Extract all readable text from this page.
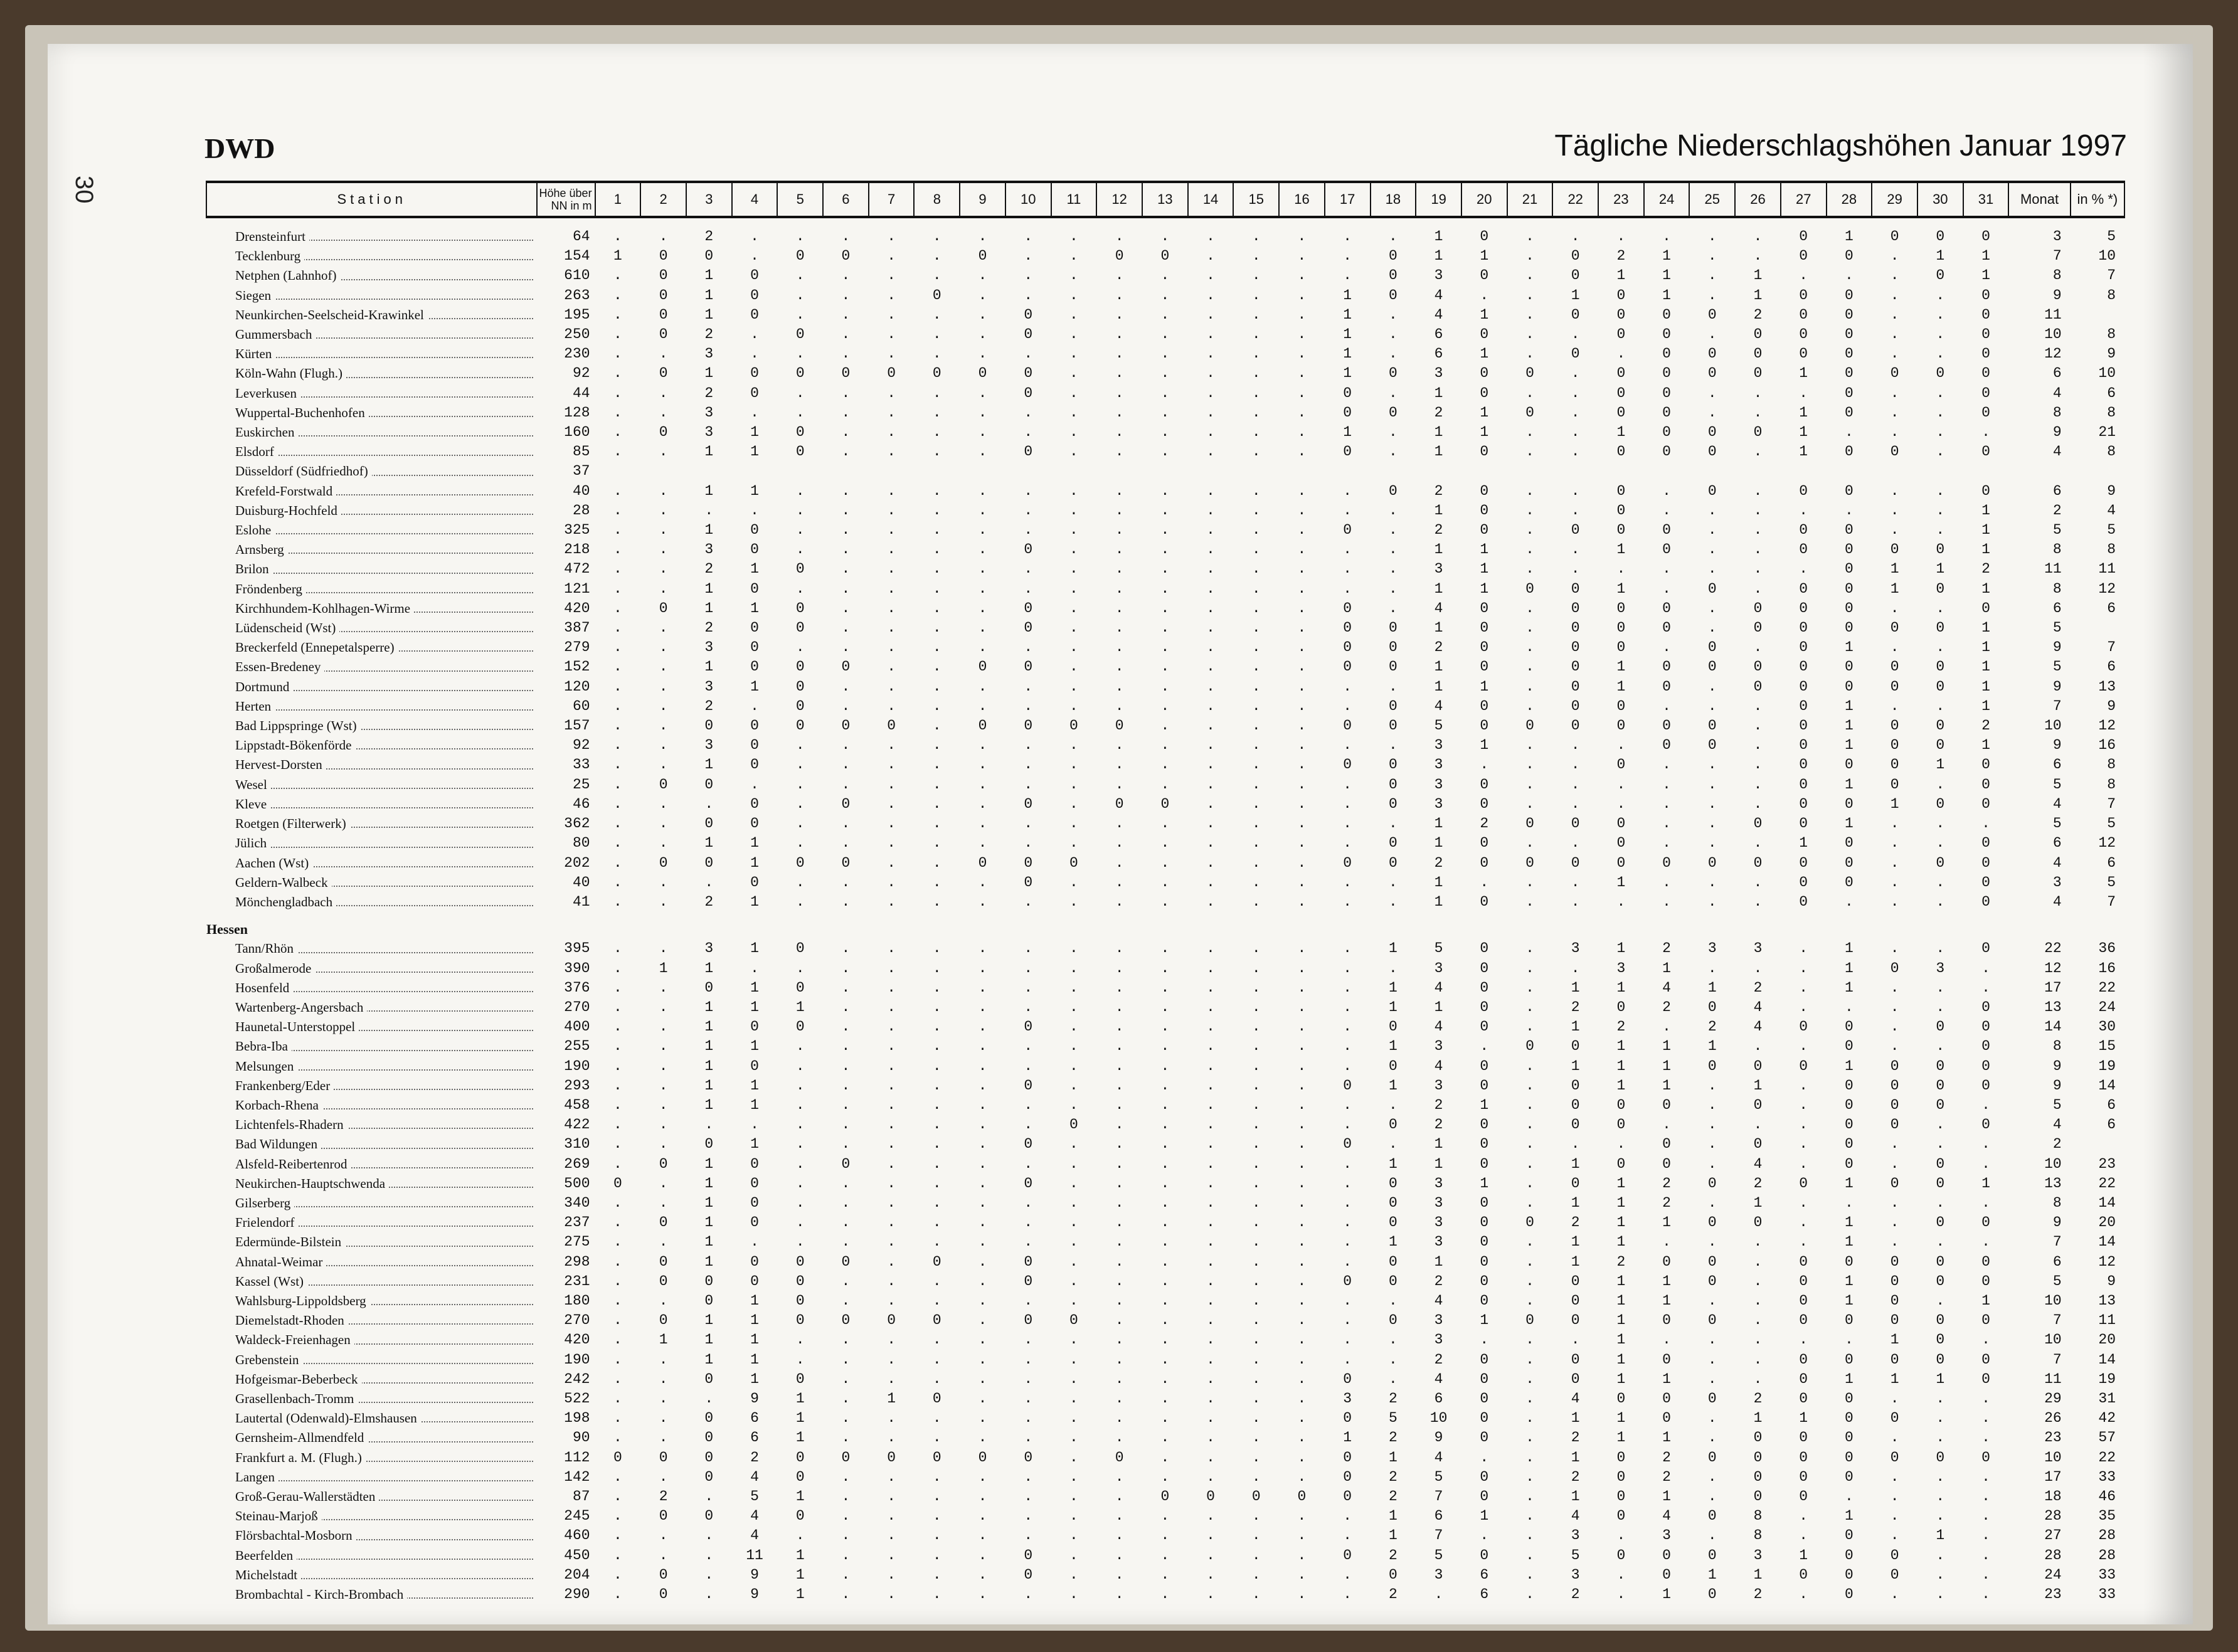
30
DWD	Tägliche Niederschlagshöhen Januar 1997
Station	Höhe über NN in m	1	2	3	4	5	6	7	8	9	10	11	12	13	14	15	16	17	18	19	20	21	22	23	24	25	26	27	28	29	30	31	Monat	in % *)
Drensteinfurt	64	.	.	2	.	.	.	.	.	.	.	.	.	.	.	.	.	.	.	1	0	.	.	.	.	.	.	0	1	0	0	0	3	5
Tecklenburg	154	1	0	0	.	0	0	.	.	0	.	.	0	0	.	.	.	.	0	1	1	.	0	2	1	.	.	0	0	.	1	1	7	10
Netphen (Lahnhof)	610	.	0	1	0	.	.	.	.	.	.	.	.	.	.	.	.	.	0	3	0	.	0	1	1	.	1	.	.	.	0	1	8	7
Siegen	263	.	0	1	0	.	.	.	0	.	.	.	.	.	.	.	.	1	0	4	.	.	1	0	1	.	1	0	0	.	.	0	9	8
Neunkirchen-Seelscheid-Krawinkel	195	.	0	1	0	.	.	.	.	.	0	.	.	.	.	.	.	1	.	4	1	.	0	0	0	0	2	0	0	.	.	0	11	
Gummersbach	250	.	0	2	.	0	.	.	.	.	0	.	.	.	.	.	.	1	.	6	0	.	.	0	0	.	0	0	0	.	.	0	10	8
Kürten	230	.	.	3	.	.	.	.	.	.	.	.	.	.	.	.	.	1	.	6	1	.	0	.	0	0	0	0	0	.	.	0	12	9
Köln-Wahn (Flugh.)	92	.	0	1	0	0	0	0	0	0	0	.	.	.	.	.	.	1	0	3	0	0	.	0	0	0	0	1	0	0	0	0	6	10
Leverkusen	44	.	.	2	0	.	.	.	.	.	0	.	.	.	.	.	.	0	.	1	0	.	.	0	0	.	.	.	0	.	.	0	4	6
Wuppertal-Buchenhofen	128	.	.	3	.	.	.	.	.	.	.	.	.	.	.	.	.	0	0	2	1	0	.	0	0	.	.	1	0	.	.	0	8	8
Euskirchen	160	.	0	3	1	0	.	.	.	.	.	.	.	.	.	.	.	1	.	1	1	.	.	1	0	0	0	1	.	.	.	.	9	21
Elsdorf	85	.	.	1	1	0	.	.	.	.	0	.	.	.	.	.	.	0	.	1	0	.	.	0	0	0	.	1	0	0	.	0	4	8
Düsseldorf (Südfriedhof)	37																																	
Krefeld-Forstwald	40	.	.	1	1	.	.	.	.	.	.	.	.	.	.	.	.	.	0	2	0	.	.	0	.	0	.	0	0	.	.	0	6	9
Duisburg-Hochfeld	28	.	.	.	.	.	.	.	.	.	.	.	.	.	.	.	.	.	.	1	0	.	.	0	.	.	.	.	.	.	.	1	2	4
Eslohe	325	.	.	1	0	.	.	.	.	.	.	.	.	.	.	.	.	0	.	2	0	.	0	0	0	.	.	0	0	.	.	1	5	5
Arnsberg	218	.	.	3	0	.	.	.	.	.	0	.	.	.	.	.	.	.	.	1	1	.	.	1	0	.	.	0	0	0	0	1	8	8
Brilon	472	.	.	2	1	0	.	.	.	.	.	.	.	.	.	.	.	.	.	3	1	.	.	.	.	.	.	.	0	1	1	2	11	11
Fröndenberg	121	.	.	1	0	.	.	.	.	.	.	.	.	.	.	.	.	.	.	1	1	0	0	1	.	0	.	0	0	1	0	1	8	12
Kirchhundem-Kohlhagen-Wirme	420	.	0	1	1	0	.	.	.	.	0	.	.	.	.	.	.	0	.	4	0	.	0	0	0	.	0	0	0	.	.	0	6	6
Lüdenscheid (Wst)	387	.	.	2	0	0	.	.	.	.	0	.	.	.	.	.	.	0	0	1	0	.	0	0	0	.	0	0	0	0	0	1	5	
Breckerfeld (Ennepetalsperre)	279	.	.	3	0	.	.	.	.	.	.	.	.	.	.	.	.	0	0	2	0	.	0	0	.	0	.	0	1	.	.	1	9	7
Essen-Bredeney	152	.	.	1	0	0	0	.	.	0	0	.	.	.	.	.	.	0	0	1	0	.	0	1	0	0	0	0	0	0	0	1	5	6
Dortmund	120	.	.	3	1	0	.	.	.	.	.	.	.	.	.	.	.	.	.	1	1	.	0	1	0	.	0	0	0	0	0	1	9	13
Herten	60	.	.	2	.	0	.	.	.	.	.	.	.	.	.	.	.	.	0	4	0	.	0	0	.	.	.	0	1	.	.	1	7	9
Bad Lippspringe (Wst)	157	.	.	0	0	0	0	0	.	0	0	0	0	.	.	.	.	0	0	5	0	0	0	0	0	0	.	0	1	0	0	2	10	12
Lippstadt-Bökenförde	92	.	.	3	0	.	.	.	.	.	.	.	.	.	.	.	.	.	.	3	1	.	.	.	0	0	.	0	1	0	0	1	9	16
Hervest-Dorsten	33	.	.	1	0	.	.	.	.	.	.	.	.	.	.	.	.	0	0	3	.	.	.	0	.	.	.	0	0	0	1	0	6	8
Wesel	25	.	0	0	.	.	.	.	.	.	.	.	.	.	.	.	.	.	0	3	0	.	.	.	.	.	.	0	1	0	.	0	5	8
Kleve	46	.	.	.	0	.	0	.	.	.	0	.	0	0	.	.	.	.	0	3	0	.	.	.	.	.	.	0	0	1	0	0	4	7
Roetgen (Filterwerk)	362	.	.	0	0	.	.	.	.	.	.	.	.	.	.	.	.	.	.	1	2	0	0	0	.	.	0	0	1	.	.	.	5	5
Jülich	80	.	.	1	1	.	.	.	.	.	.	.	.	.	.	.	.	.	0	1	0	.	.	0	.	.	.	1	0	.	.	0	6	12
Aachen (Wst)	202	.	0	0	1	0	0	.	.	0	0	0	.	.	.	.	.	0	0	2	0	0	0	0	0	0	0	0	0	.	0	0	4	6
Geldern-Walbeck	40	.	.	.	0	.	.	.	.	.	0	.	.	.	.	.	.	.	.	1	.	.	.	1	.	.	.	0	0	.	.	0	3	5
Mönchengladbach	41	.	.	2	1	.	.	.	.	.	.	.	.	.	.	.	.	.	.	1	0	.	.	.	.	.	.	0	.	.	.	0	4	7
Hessen																																		
Tann/Rhön	395	.	.	3	1	0	.	.	.	.	.	.	.	.	.	.	.	.	1	5	0	.	3	1	2	3	3	.	1	.	.	0	22	36
Großalmerode	390	.	1	1	.	.	.	.	.	.	.	.	.	.	.	.	.	.	.	3	0	.	.	3	1	.	.	.	1	0	3	.	12	16
Hosenfeld	376	.	.	0	1	0	.	.	.	.	.	.	.	.	.	.	.	.	1	4	0	.	1	1	4	1	2	.	1	.	.	.	17	22
Wartenberg-Angersbach	270	.	.	1	1	1	.	.	.	.	.	.	.	.	.	.	.	.	1	1	0	.	2	0	2	0	4	.	.	.	.	0	13	24
Haunetal-Unterstoppel	400	.	.	1	0	0	.	.	.	.	0	.	.	.	.	.	.	.	0	4	0	.	1	2	.	2	4	0	0	.	0	0	14	30
Bebra-Iba	255	.	.	1	1	.	.	.	.	.	.	.	.	.	.	.	.	.	1	3	.	0	0	1	1	1	.	.	0	.	.	0	8	15
Melsungen	190	.	.	1	0	.	.	.	.	.	.	.	.	.	.	.	.	.	0	4	0	.	1	1	1	0	0	0	1	0	0	0	9	19
Frankenberg/Eder	293	.	.	1	1	.	.	.	.	.	0	.	.	.	.	.	.	0	1	3	0	.	0	1	1	.	1	.	0	0	0	0	9	14
Korbach-Rhena	458	.	.	1	1	.	.	.	.	.	.	.	.	.	.	.	.	.	.	2	1	.	0	0	0	.	0	.	0	0	0	.	5	6
Lichtenfels-Rhadern	422	.	.	.	.	.	.	.	.	.	.	0	.	.	.	.	.	.	0	2	0	.	0	0	.	.	.	.	0	0	.	0	4	6
Bad Wildungen	310	.	.	0	1	.	.	.	.	.	0	.	.	.	.	.	.	0	.	1	0	.	.	.	0	.	0	.	0	.	.	.	2	
Alsfeld-Reibertenrod	269	.	0	1	0	.	0	.	.	.	.	.	.	.	.	.	.	.	1	1	0	.	1	0	0	.	4	.	0	.	0	.	10	23
Neukirchen-Hauptschwenda	500	0	.	1	0	.	.	.	.	.	0	.	.	.	.	.	.	.	0	3	1	.	0	1	2	0	2	0	1	0	0	1	13	22
Gilserberg	340	.	.	1	0	.	.	.	.	.	.	.	.	.	.	.	.	.	0	3	0	.	1	1	2	.	1	.	.	.	.	.	8	14
Frielendorf	237	.	0	1	0	.	.	.	.	.	.	.	.	.	.	.	.	.	0	3	0	0	2	1	1	0	0	.	1	.	0	0	9	20
Edermünde-Bilstein	275	.	.	1	.	.	.	.	.	.	.	.	.	.	.	.	.	.	1	3	0	.	1	1	.	.	.	.	1	.	.	.	7	14
Ahnatal-Weimar	298	.	0	1	0	0	0	.	0	.	0	.	.	.	.	.	.	.	0	1	0	.	1	2	0	0	.	0	0	0	0	0	6	12
Kassel (Wst)	231	.	0	0	0	0	.	.	.	.	0	.	.	.	.	.	.	0	0	2	0	.	0	1	1	0	.	0	1	0	0	0	5	9
Wahlsburg-Lippoldsberg	180	.	.	0	1	0	.	.	.	.	.	.	.	.	.	.	.	.	.	4	0	.	0	1	1	.	.	0	1	0	.	1	10	13
Diemelstadt-Rhoden	270	.	0	1	1	0	0	0	0	.	0	0	.	.	.	.	.	.	0	3	1	0	0	1	0	0	.	0	0	0	0	0	7	11
Waldeck-Freienhagen	420	.	1	1	1	.	.	.	.	.	.	.	.	.	.	.	.	.	.	3	.	.	.	1	.	.	.	.	.	1	0	.	10	20
Grebenstein	190	.	.	1	1	.	.	.	.	.	.	.	.	.	.	.	.	.	.	2	0	.	0	1	0	.	.	0	0	0	0	0	7	14
Hofgeismar-Beberbeck	242	.	.	0	1	0	.	.	.	.	.	.	.	.	.	.	.	0	.	4	0	.	0	1	1	.	.	0	1	1	1	0	11	19
Grasellenbach-Tromm	522	.	.	.	9	1	.	1	0	.	.	.	.	.	.	.	.	3	2	6	0	.	4	0	0	0	2	0	0	.	.	.	29	31
Lautertal (Odenwald)-Elmshausen	198	.	.	0	6	1	.	.	.	.	.	.	.	.	.	.	.	0	5	10	0	.	1	1	0	.	1	1	0	0	.	.	26	42
Gernsheim-Allmendfeld	90	.	.	0	6	1	.	.	.	.	.	.	.	.	.	.	.	1	2	9	0	.	2	1	1	.	0	0	0	.	.	.	23	57
Frankfurt a. M. (Flugh.)	112	0	0	0	2	0	0	0	0	0	0	.	0	.	.	.	.	0	1	4	.	.	1	0	2	0	0	0	0	0	0	0	10	22
Langen	142	.	.	0	4	0	.	.	.	.	.	.	.	.	.	.	.	0	2	5	0	.	2	0	2	.	0	0	0	.	.	.	17	33
Groß-Gerau-Wallerstädten	87	.	2	.	5	1	.	.	.	.	.	.	.	0	0	0	0	0	2	7	0	.	1	0	1	.	0	0	.	.	.	.	18	46
Steinau-Marjoß	245	.	0	0	4	0	.	.	.	.	.	.	.	.	.	.	.	.	1	6	1	.	4	0	4	0	8	.	1	.	.	.	28	35
Flörsbachtal-Mosborn	460	.	.	.	4	.	.	.	.	.	.	.	.	.	.	.	.	.	1	7	.	.	3	.	3	.	8	.	0	.	1	.	27	28
Beerfelden	450	.	.	.	11	1	.	.	.	.	0	.	.	.	.	.	.	0	2	5	0	.	5	0	0	0	3	1	0	0	.	.	28	28
Michelstadt	204	.	0	.	9	1	.	.	.	.	0	.	.	.	.	.	.	.	0	3	6	.	3	.	0	1	1	0	0	0	.	.	24	33
Brombachtal - Kirch-Brombach	290	.	0	.	9	1	.	.	.	.	.	.	.	.	.	.	.	.	2	.	6	.	2	.	1	0	2	.	0	.	.	.	23	33
